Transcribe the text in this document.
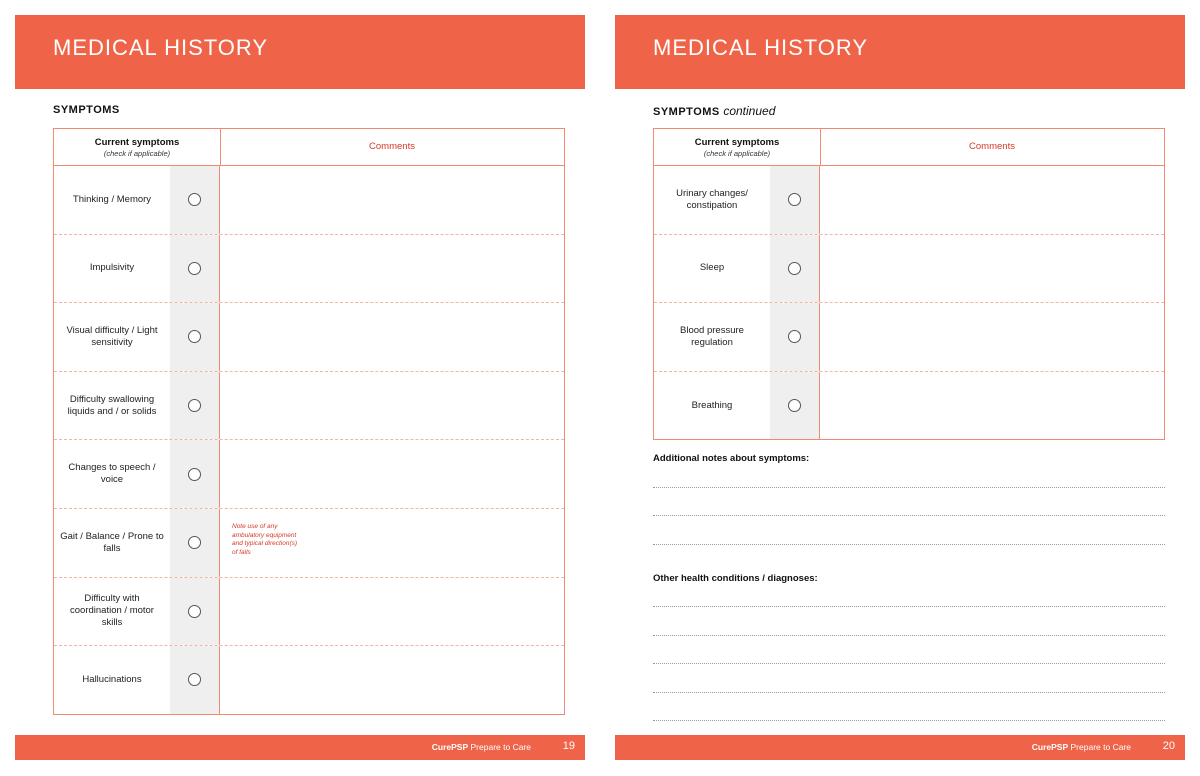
MEDICAL HISTORY
SYMPTOMS
Current symptoms
(check if applicable)
Comments
Thinking / Memory
Impulsivity
Visual difficulty / Light sensitivity
Difficulty swallowing liquids and / or solids
Changes to speech / voice
Gait / Balance / Prone to falls
Note use of any ambulatory equipment and typical direction(s) of falls
Difficulty with coordination / motor skills
Hallucinations
CurePSP Prepare to Care	19
MEDICAL HISTORY
SYMPTOMS continued
Current symptoms
(check if applicable)
Comments
Urinary changes/ constipation
Sleep
Blood pressure regulation
Breathing
Additional notes about symptoms:
Other health conditions / diagnoses:
CurePSP Prepare to Care	20
